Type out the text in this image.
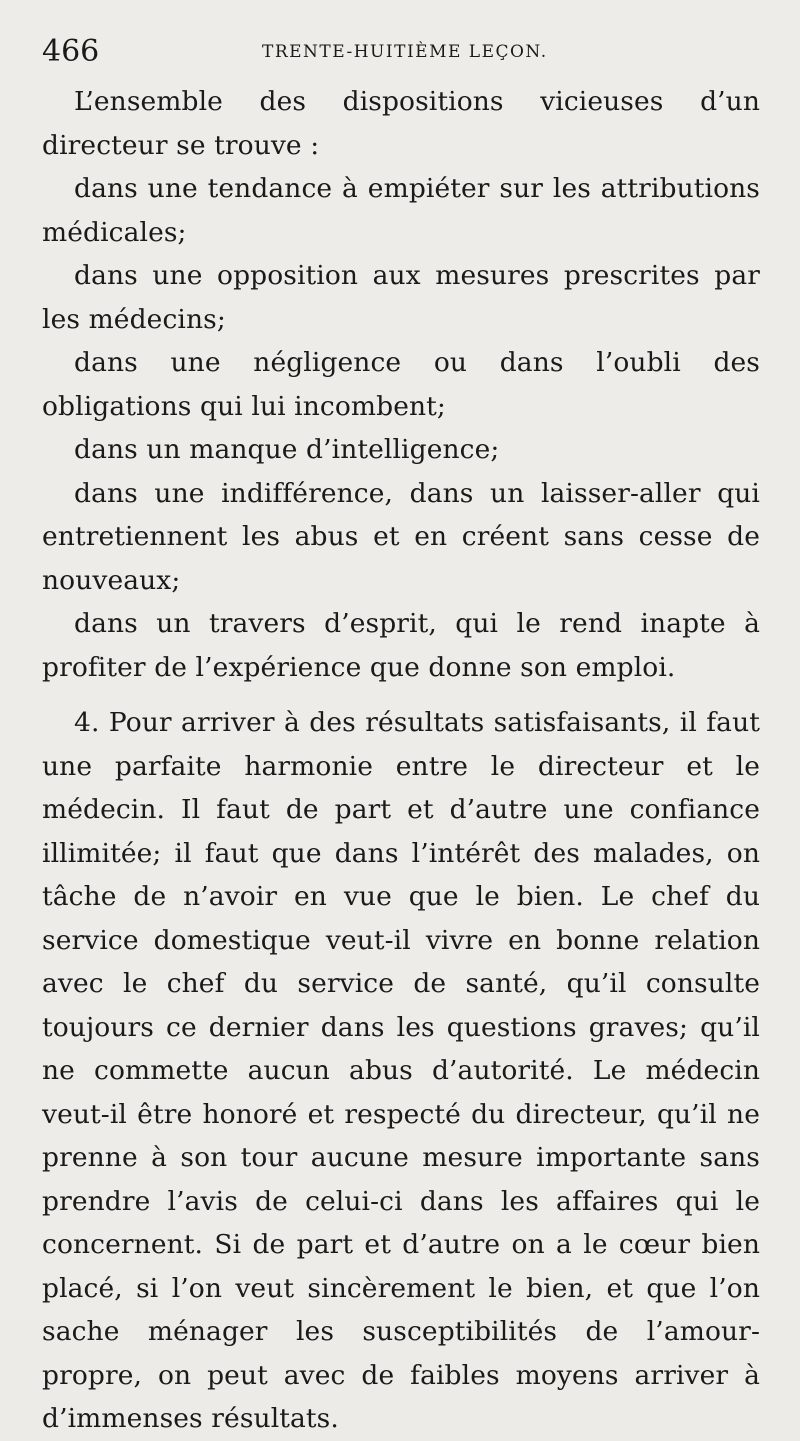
466	TRENTE-HUITIÈME LEÇON.

L’ensemble des dispositions vicieuses d’un directeur se trouve :

dans une tendance à empiéter sur les attributions médicales;

dans une opposition aux mesures prescrites par les médecins;

dans une négligence ou dans l’oubli des obligations qui lui incombent;

dans un manque d’intelligence;

dans une indifférence, dans un laisser-aller qui entretiennent les abus et en créent sans cesse de nouveaux;

dans un travers d’esprit, qui le rend inapte à profiter de l’expérience que donne son emploi.

4. Pour arriver à des résultats satisfaisants, il faut une parfaite harmonie entre le directeur et le médecin. Il faut de part et d’autre une confiance illimitée; il faut que dans l’intérêt des malades, on tâche de n’avoir en vue que le bien. Le chef du service domestique veut-il vivre en bonne relation avec le chef du service de santé, qu’il consulte toujours ce dernier dans les questions graves; qu’il ne commette aucun abus d’autorité. Le médecin veut-il être honoré et respecté du directeur, qu’il ne prenne à son tour aucune mesure importante sans prendre l’avis de celui-ci dans les affaires qui le concernent. Si de part et d’autre on a le cœur bien placé, si l’on veut sincèrement le bien, et que l’on sache ménager les susceptibilités de l’amour-propre, on peut avec de faibles moyens arriver à d’immenses résultats.
